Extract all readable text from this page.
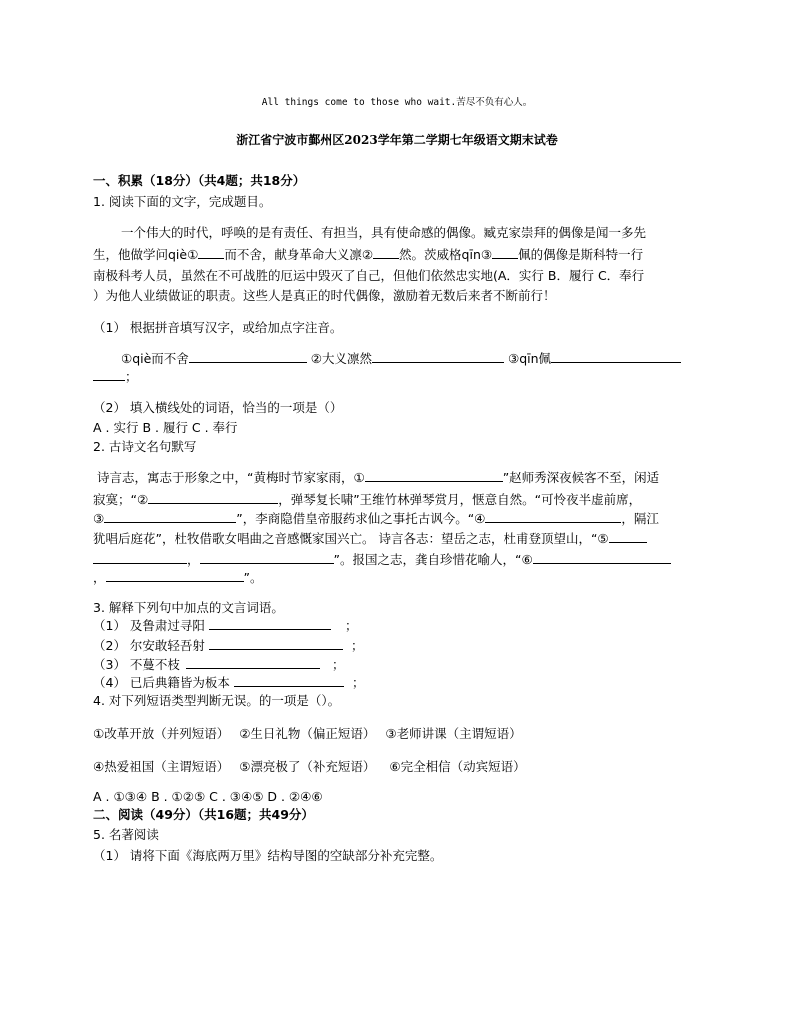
All things come to those who wait.苦尽不负有心人。
浙江省宁波市鄞州区2023学年第二学期七年级语文期末试卷
一、积累（18分）（共4题；共18分）
1. 阅读下面的文字，完成题目。
一个伟大的时代，呼唤的是有责任、有担当，具有使命感的偶像。臧克家崇拜的偶像是闻一多先
生，他做学问qiè① 而不舍，献身革命大义凛② 然。茨威格qīn③ 佩的偶像是斯科特一行
南极科考人员，虽然在不可战胜的厄运中毁灭了自己，但他们依然忠实地(A．实行 B．履行 C．奉行
）为他人业绩做证的职责。这些人是真正的时代偶像，激励着无数后来者不断前行！
（1） 根据拼音填写汉字，或给加点字注音。
①qiè而不舍	②大义凛然	③qīn佩
；
（2） 填入横线处的词语，恰当的一项是（）
A . 实行 B . 履行 C . 奉行
2. 古诗文名句默写
诗言志，寓志于形象之中，“黄梅时节家家雨，①	”赵师秀深夜候客不至，闲适
寂寞；“②	，弹琴复长啸”王维竹林弹琴赏月，惬意自然。“可怜夜半虚前席，
③	”，李商隐借皇帝服药求仙之事托古讽今。“④	，隔江
犹唱后庭花”，杜牧借歌女唱曲之音感慨家国兴亡。 诗言各志：望岳之志，杜甫登顶望山，“⑤
，	”。报国之志，龚自珍惜花喻人，“⑥
，	”。
3. 解释下列句中加点的文言词语。
（1） 及鲁肃过寻阳	；
（2） 尔安敢轻吾射	；
（3） 不蔓不枝	；
（4） 已后典籍皆为板本	；
4. 对下列短语类型判断无误。的一项是（）。
①改革开放（并列短语） ②生日礼物（偏正短语） ③老师讲课（主谓短语）
④热爱祖国（主谓短语） ⑤漂亮极了（补充短语） ⑥完全相信（动宾短语）
A . ①③④ B . ①②⑤ C . ③④⑤ D . ②④⑥
二、阅读（49分）（共16题；共49分）
5. 名著阅读
（1） 请将下面《海底两万里》结构导图的空缺部分补充完整。
